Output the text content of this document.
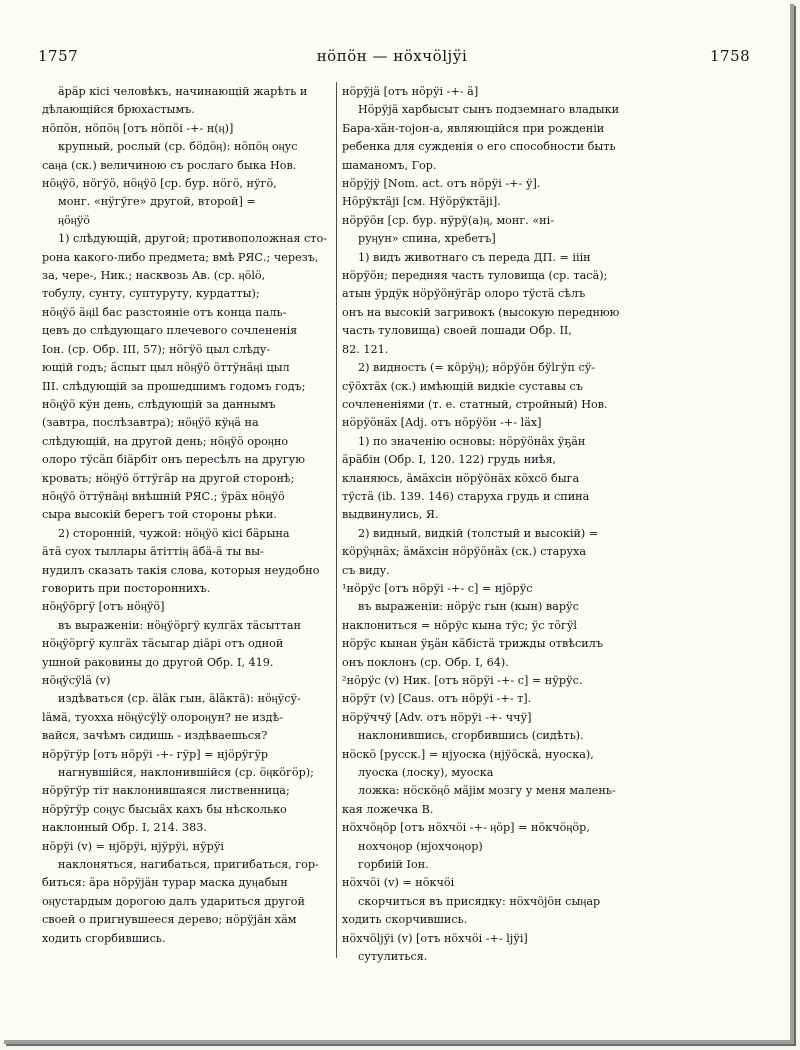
1757	нӧпӧн — нӧхчӧlјӱі	1758
ӓрӓр кісі человѣкъ, начинающій жарѣть и
дѣлающійся брюхастымъ.
нӧпӧн, нӧпӧӊ [отъ нӧпӧі -+- н(ӊ)]
крупный, рослый (ср. бӧдӧӊ): нӧпӧӊ оӊус
саӊа (ск.) величиною съ рослаго быка Нов.
нӧӊӱӧ, нӧгӱӧ, нӧӊӱӧ [ср. бур. нӧгӧ, нӱгӧ,
монг. «нӱгӱге» другой, второй] =
ӊӧӊӱӧ
1) слѣдующій, другой; противоположная сто-
рона какого-либо предмета; вмѣ РЯС.; черезъ,
за, чере-, Ник.; насквозь Ав. (ср. ӊӧlӧ,
тобулу, сунту, суптуруту, курдатты);
нӧӊӱӧ ӓӊіl бас разстояніе отъ конца паль-
цевъ до слѣдующаго плечевого сочлененія
Іон. (ср. Обр. III, 57); нӧгӱӧ цыл слѣду-
ющій годъ; ӓспыт цыл нӧӊӱӧ ӧттӱнӓӊі цыл
III. слѣдующій за прошедшимъ годомъ годъ;
нӧӊӱӧ кӱн день, слѣдующій за даннымъ
(завтра, послѣзавтра); нӧӊӱӧ кӱӊӓ на
слѣдующій, на другой день; нӧӊӱӧ ороӊно
олоро тӱсӓп біӓрбіт онъ пересѣлъ на другую
кровать; нӧӊӱӧ ӧттӱгӓр на другой сторонѣ;
нӧӊӱӧ ӧттӱнӓӊі внѣшній РЯС.; ӱрӓх нӧӊӱӧ
сыра высокій берегъ той стороны рѣки.
2) сторонній, чужой: нӧӊӱӧ кісі бӓрына
ӓтӓ суох тыллары ӓтіттіӊ ӓбӓ-ӓ ты вы-
нудилъ сказать такія слова, которыя неудобно
говорить при постороннихъ.
нӧӊӱӧргӱ [отъ нӧӊӱӧ]
въ выраженіи: нӧӊӱӧргӱ кулгӓх тӓсыттан
нӧӊӱӧргӱ кулгӓх тӓсыгар діӓрі отъ одной
ушной раковины до другой Обр. I, 419.
нӧӊӱсӱlӓ (v)
издѣваться (ср. ӓlӓк гын, ӓlӓктӓ): нӧӊӱсӱ-
lӓмӓ, туохха нӧӊӱсӱlӱ олороӊун? не издѣ-
вайся, зачѣмъ сидишь - издѣваешься?
нӧрӱгӱр [отъ нӧрӱі -+- гӱр] = нјӧрӱгӱр
нагнувшійся, наклонившійся (ср. ӧӊкӧгӧр);
нӧрӱгӱр тіт наклонившаяся лиственница;
нӧрӱгӱр соӊус бысыӓх кахъ бы нѣсколько
наклонный Обр. I, 214. 383.
нӧрӱі (v) = нјӧрӱі, нјӱрӱі, нӱрӱі
наклоняться, нагибаться, пригибаться, гор-
биться: ӓра нӧрӱјӓн турар маска дуӊабын
оӊустардым дорогою далъ удариться другой
своей о пригнувшееся дерево; нӧрӱјӓн хӓм
ходить сгорбившись.
нӧрӱјӓ [отъ нӧрӱі -+- ӓ]
Нӧрӱјӓ харбысыт сынъ подземнаго владыки
Бара-хӓн-тојон-а, являющійся при рожденіи
ребенка для сужденія о его способности быть
шаманомъ, Гор.
нӧрӱјӱ [Nom. act. отъ нӧрӱі -+- ӱ].
Нӧрӱктӓјі [см. Нӱӧрӱктӓјі].
нӧрӱӧн [ср. бур. нӱрӱ(а)ӊ, монг. «ні-
руӊун» спина, хребетъ]
1) видъ животнаго съ переда ДП. = ііін
нӧрӱӧн; передняя часть туловища (ср. тасӓ);
атын ӱрдӱк нӧрӱӧнӱгӓр олоро тӱстӓ сѣлъ
онъ на высокій загривокъ (высокую переднюю
часть туловища) своей лошади Обр. II,
82. 121.
2) видность (= кӧрӱӊ); нӧрӱӧн бӱlгӱп сӱ-
сӱӧхтӓх (ск.) имѣющій видкіе суставы съ
сочлененіями (т. е. статный, стройный) Нов.
нӧрӱӧнӓх [Adj. отъ нӧрӱӧн -+- lӓх]
1) по значенію основы: нӧрӱӧнӓх ӱҕӓн
ӓрӓбін (Обр. I, 120. 122) грудь ниѣя,
кланяюсь, ӓмӓхсін нӧрӱӧнӓх кӧхсӧ быга
тӱстӓ (ib. 139. 146) старуха грудь и спина
выдвинулись, Я.
2) видный, видкій (толстый и высокій) =
кӧрӱӊнӓх; ӓмӓхсін нӧрӱӧнӓх (ск.) старуха
съ виду.
¹нӧрӱс [отъ нӧрӱі -+- с] = нјӧрӱс
въ выраженіи: нӧрӱс гын (кын) варӱс
наклониться = нӧрӱс кына тӱс; ӱс тӧгӱl
нӧрӱс кынан ӱҕӓн кӓбістӓ трижды отвѣсилъ
онъ поклонъ (ср. Обр. I, 64).
²нӧрӱс (v) Ник. [отъ нӧрӱі -+- с] = нӱрӱс.
нӧрӱт (v) [Caus. отъ нӧрӱі -+- т].
нӧрӱччӱ [Adv. отъ нӧрӱі -+- ччӱ]
наклонившись, сгорбившись (сидѣть).
нӧскӧ [русск.] = нјуоска (нјӱӧскӓ, нуоска),
луоска (лоску), муоска
ложка: нӧскӧӊӧ мӓјім мозгу у меня малень-
кая ложечка В.
нӧхчӧӊӧр [отъ нӧхчӧі -+- ӊӧр] = нӧкчӧӊӧр,
нохчоӊор (нјохчоӊор)
горбиій Іон.
нӧхчӧі (v) = нӧкчӧі
скорчиться въ присядку: нӧхчӧјӧн сыӊар
ходить скорчившись.
нӧхчӧlјӱі (v) [отъ нӧхчӧі -+- lјӱі]
сутулиться.
